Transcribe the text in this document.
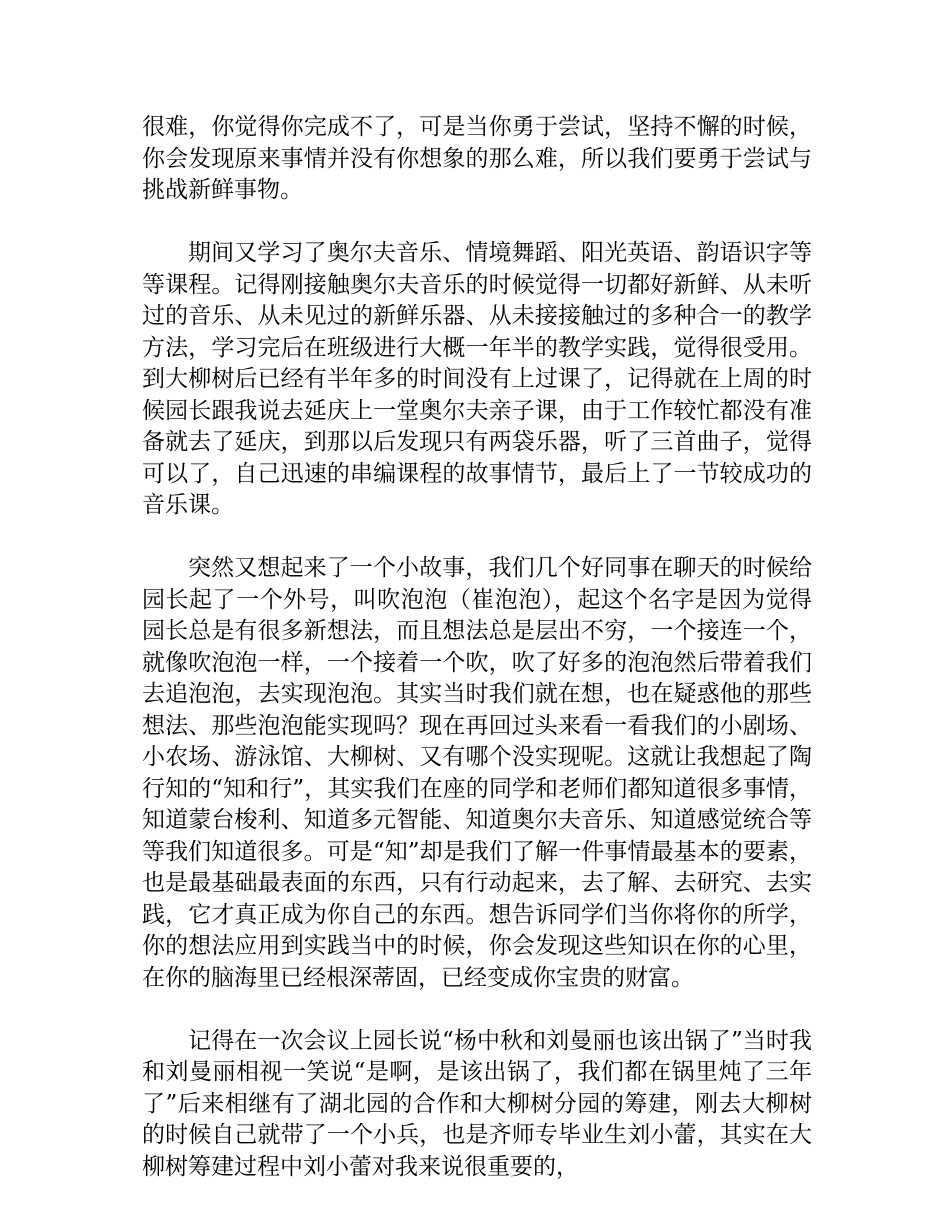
很难，你觉得你完成不了，可是当你勇于尝试，坚持不懈的时候，你会发现原来事情并没有你想象的那么难，所以我们要勇于尝试与挑战新鲜事物。

期间又学习了奥尔夫音乐、情境舞蹈、阳光英语、韵语识字等等课程。记得刚接触奥尔夫音乐的时候觉得一切都好新鲜、从未听过的音乐、从未见过的新鲜乐器、从未接接触过的多种合一的教学方法，学习完后在班级进行大概一年半的教学实践，觉得很受用。到大柳树后已经有半年多的时间没有上过课了，记得就在上周的时候园长跟我说去延庆上一堂奥尔夫亲子课，由于工作较忙都没有准备就去了延庆，到那以后发现只有两袋乐器，听了三首曲子，觉得可以了，自己迅速的串编课程的故事情节，最后上了一节较成功的音乐课。

突然又想起来了一个小故事，我们几个好同事在聊天的时候给园长起了一个外号，叫吹泡泡（崔泡泡），起这个名字是因为觉得园长总是有很多新想法，而且想法总是层出不穷，一个接连一个，就像吹泡泡一样，一个接着一个吹，吹了好多的泡泡然后带着我们去追泡泡，去实现泡泡。其实当时我们就在想，也在疑惑他的那些想法、那些泡泡能实现吗？现在再回过头来看一看我们的小剧场、小农场、游泳馆、大柳树、又有哪个没实现呢。这就让我想起了陶行知的“知和行”，其实我们在座的同学和老师们都知道很多事情，知道蒙台梭利、知道多元智能、知道奥尔夫音乐、知道感觉统合等等我们知道很多。可是“知”却是我们了解一件事情最基本的要素，也是最基础最表面的东西，只有行动起来，去了解、去研究、去实践，它才真正成为你自己的东西。想告诉同学们当你将你的所学，你的想法应用到实践当中的时候，你会发现这些知识在你的心里，在你的脑海里已经根深蒂固，已经变成你宝贵的财富。

记得在一次会议上园长说“杨中秋和刘曼丽也该出锅了”当时我和刘曼丽相视一笑说“是啊，是该出锅了，我们都在锅里炖了三年了”后来相继有了湖北园的合作和大柳树分园的筹建，刚去大柳树的时候自己就带了一个小兵，也是齐师专毕业生刘小蕾，其实在大柳树筹建过程中刘小蕾对我来说很重要的，
